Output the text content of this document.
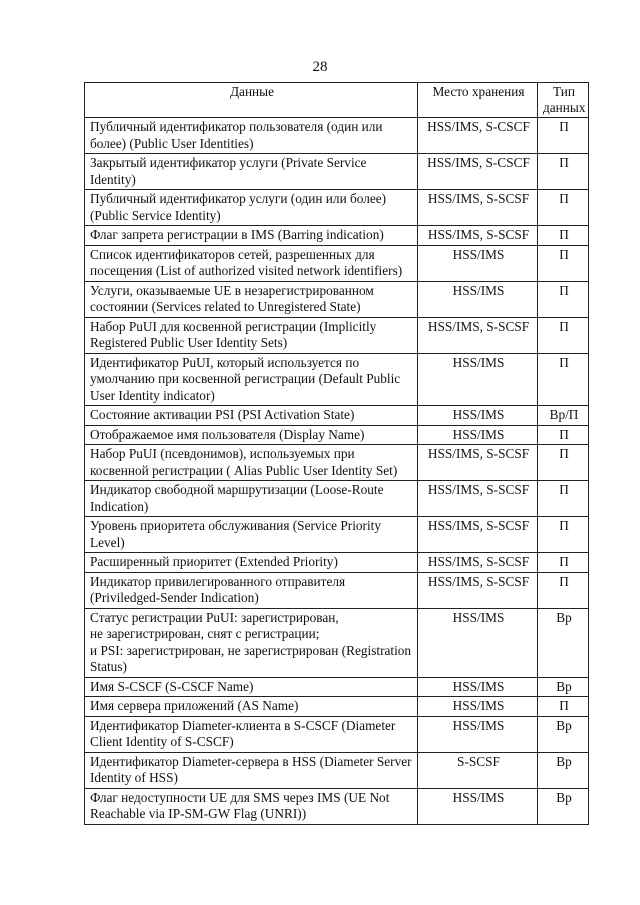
28
Данные	Место хранения	Тип данных
Публичный идентификатор пользователя (один или более) (Public User Identities)	HSS/IMS, S-CSCF	П
Закрытый идентификатор услуги (Private Service Identity)	HSS/IMS, S-CSCF	П
Публичный идентификатор услуги (один или более) (Public Service Identity)	HSS/IMS, S-SCSF	П
Флаг запрета регистрации в IMS (Barring indication)	HSS/IMS, S-SCSF	П
Список идентификаторов сетей, разрешенных для посещения (List of authorized visited network identifiers)	HSS/IMS	П
Услуги, оказываемые UE в незарегистрированном состоянии (Services related to Unregistered State)	HSS/IMS	П
Набор PuUI для косвенной регистрации (Implicitly Registered Public User Identity Sets)	HSS/IMS, S-SCSF	П
Идентификатор PuUI, который используется по умолчанию при косвенной регистрации (Default Public User Identity indicator)	HSS/IMS	П
Состояние активации PSI (PSI Activation State)	HSS/IMS	Вр/П
Отображаемое имя пользователя (Display Name)	HSS/IMS	П
Набор PuUI (псевдонимов), используемых при косвенной регистрации ( Alias Public User Identity Set)	HSS/IMS, S-SCSF	П
Индикатор свободной маршрутизации (Loose-Route Indication)	HSS/IMS, S-SCSF	П
Уровень приоритета обслуживания (Service Priority Level)	HSS/IMS, S-SCSF	П
Расширенный приоритет (Extended Priority)	HSS/IMS, S-SCSF	П
Индикатор привилегированного отправителя (Priviledged-Sender Indication)	HSS/IMS, S-SCSF	П
Статус регистрации PuUI: зарегистрирован,
не зарегистрирован, снят с регистрации;
и PSI: зарегистрирован, не зарегистрирован (Registration Status)	HSS/IMS	Вр
Имя S-CSCF (S-CSCF Name)	HSS/IMS	Вр
Имя сервера приложений (AS Name)	HSS/IMS	П
Идентификатор Diameter-клиента в S-CSCF (Diameter Client Identity of S-CSCF)	HSS/IMS	Вр
Идентификатор Diameter-сервера в HSS (Diameter Server Identity of HSS)	S-SCSF	Вр
Флаг недоступности UE для SMS через IMS (UE Not Reachable via IP-SM-GW Flag (UNRI))	HSS/IMS	Вр
